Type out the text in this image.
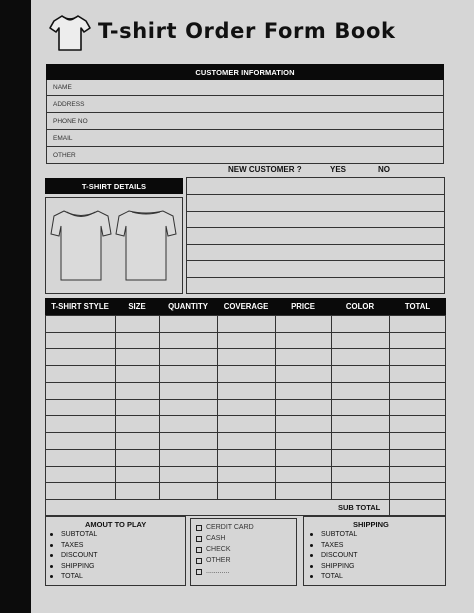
T-shirt Order Form Book
CUSTOMER INFORMATION
NAME
ADDRESS
PHONE NO
EMAIL
OTHER
NEW CUSTOMER ?	YES	NO
T-SHIRT DETAILS
T-SHIRT STYLE	SIZE	QUANTITY	COVERAGE	PRICE	COLOR	TOTAL
SUB TOTAL
AMOUT TO PLAY
SUBTOTAL
TAXES
DISCOUNT
SHIPPING
TOTAL
CERDIT CARD
CASH
CHECK
OTHER
............
SHIPPING
SUBTOTAL
TAXES
DISCOUNT
SHIPPING
TOTAL
